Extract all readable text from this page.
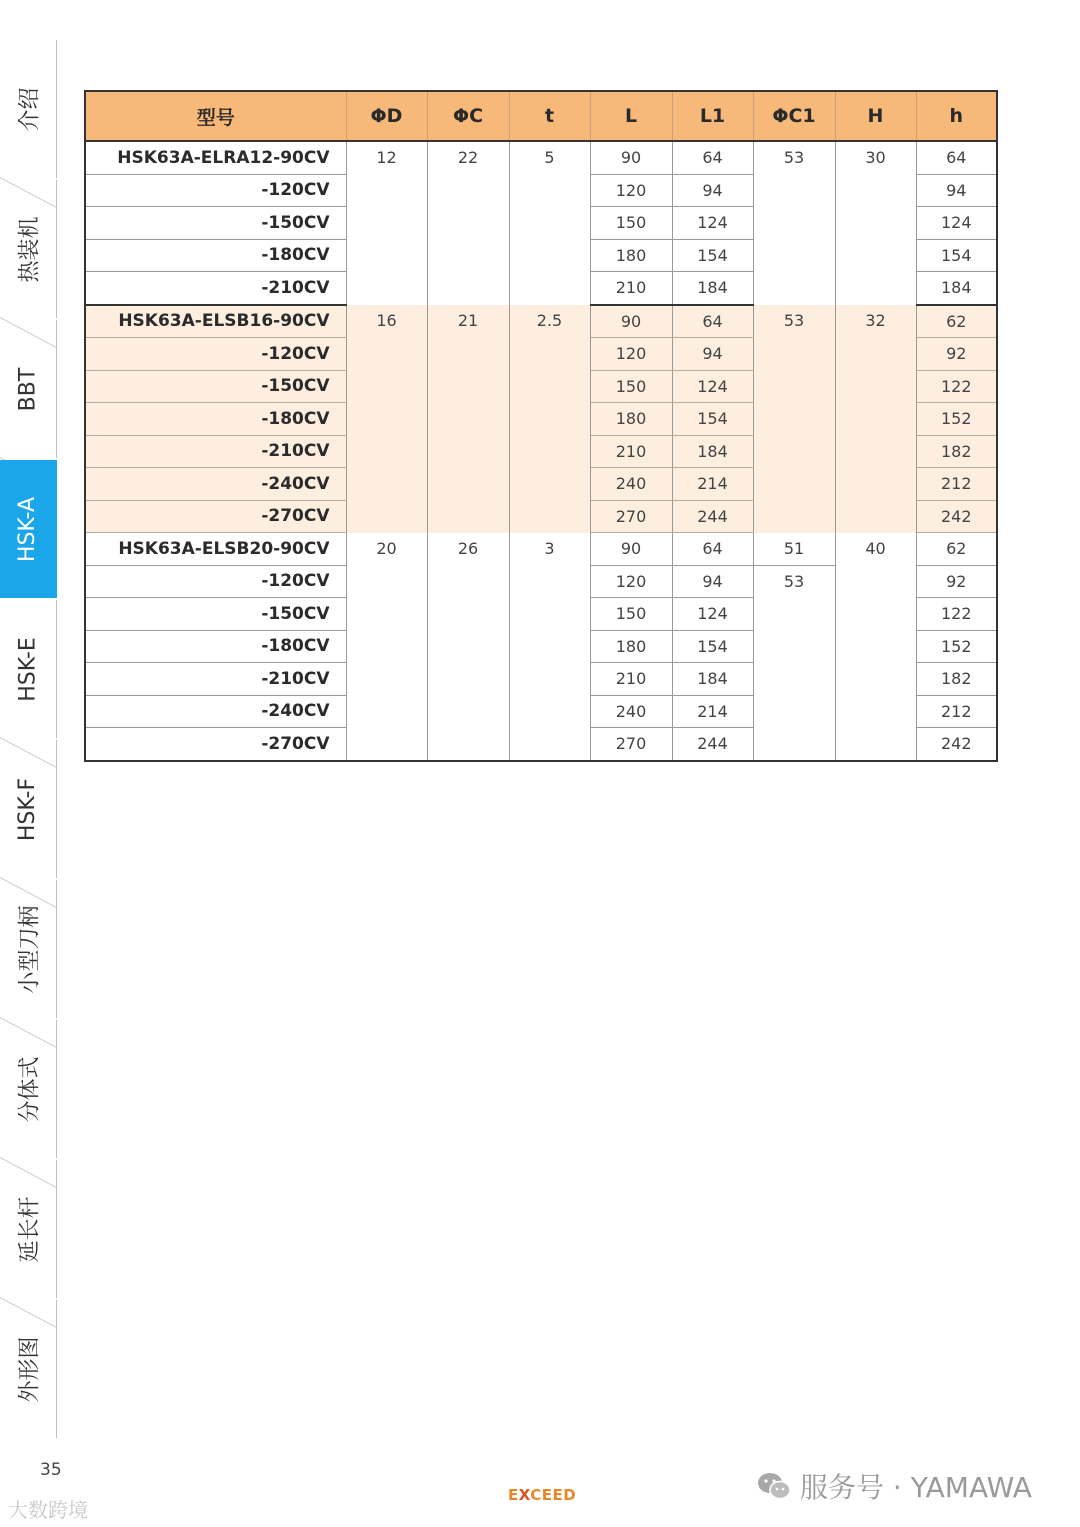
介绍
热装机
BBT
HSK-A
HSK-E
HSK-F
小型刀柄
分体式
延长杆
外形图
型号	ΦD	ΦC	t	L	L1	ΦC1	H	h
HSK63A-ELRA12-90CV	12	22	5	90	64	53	30	64
-120CV				120	94			94
-150CV				150	124			124
-180CV				180	154			154
-210CV				210	184			184
HSK63A-ELSB16-90CV	16	21	2.5	90	64	53	32	62
-120CV				120	94			92
-150CV				150	124			122
-180CV				180	154			152
-210CV				210	184			182
-240CV				240	214			212
-270CV				270	244			242
HSK63A-ELSB20-90CV	20	26	3	90	64	51	40	62
-120CV				120	94	53		92
-150CV				150	124			122
-180CV				180	154			152
-210CV				210	184			182
-240CV				240	214			212
-270CV				270	244			242
35
EXCEED
大数跨境
服务号 · YAMAWA
